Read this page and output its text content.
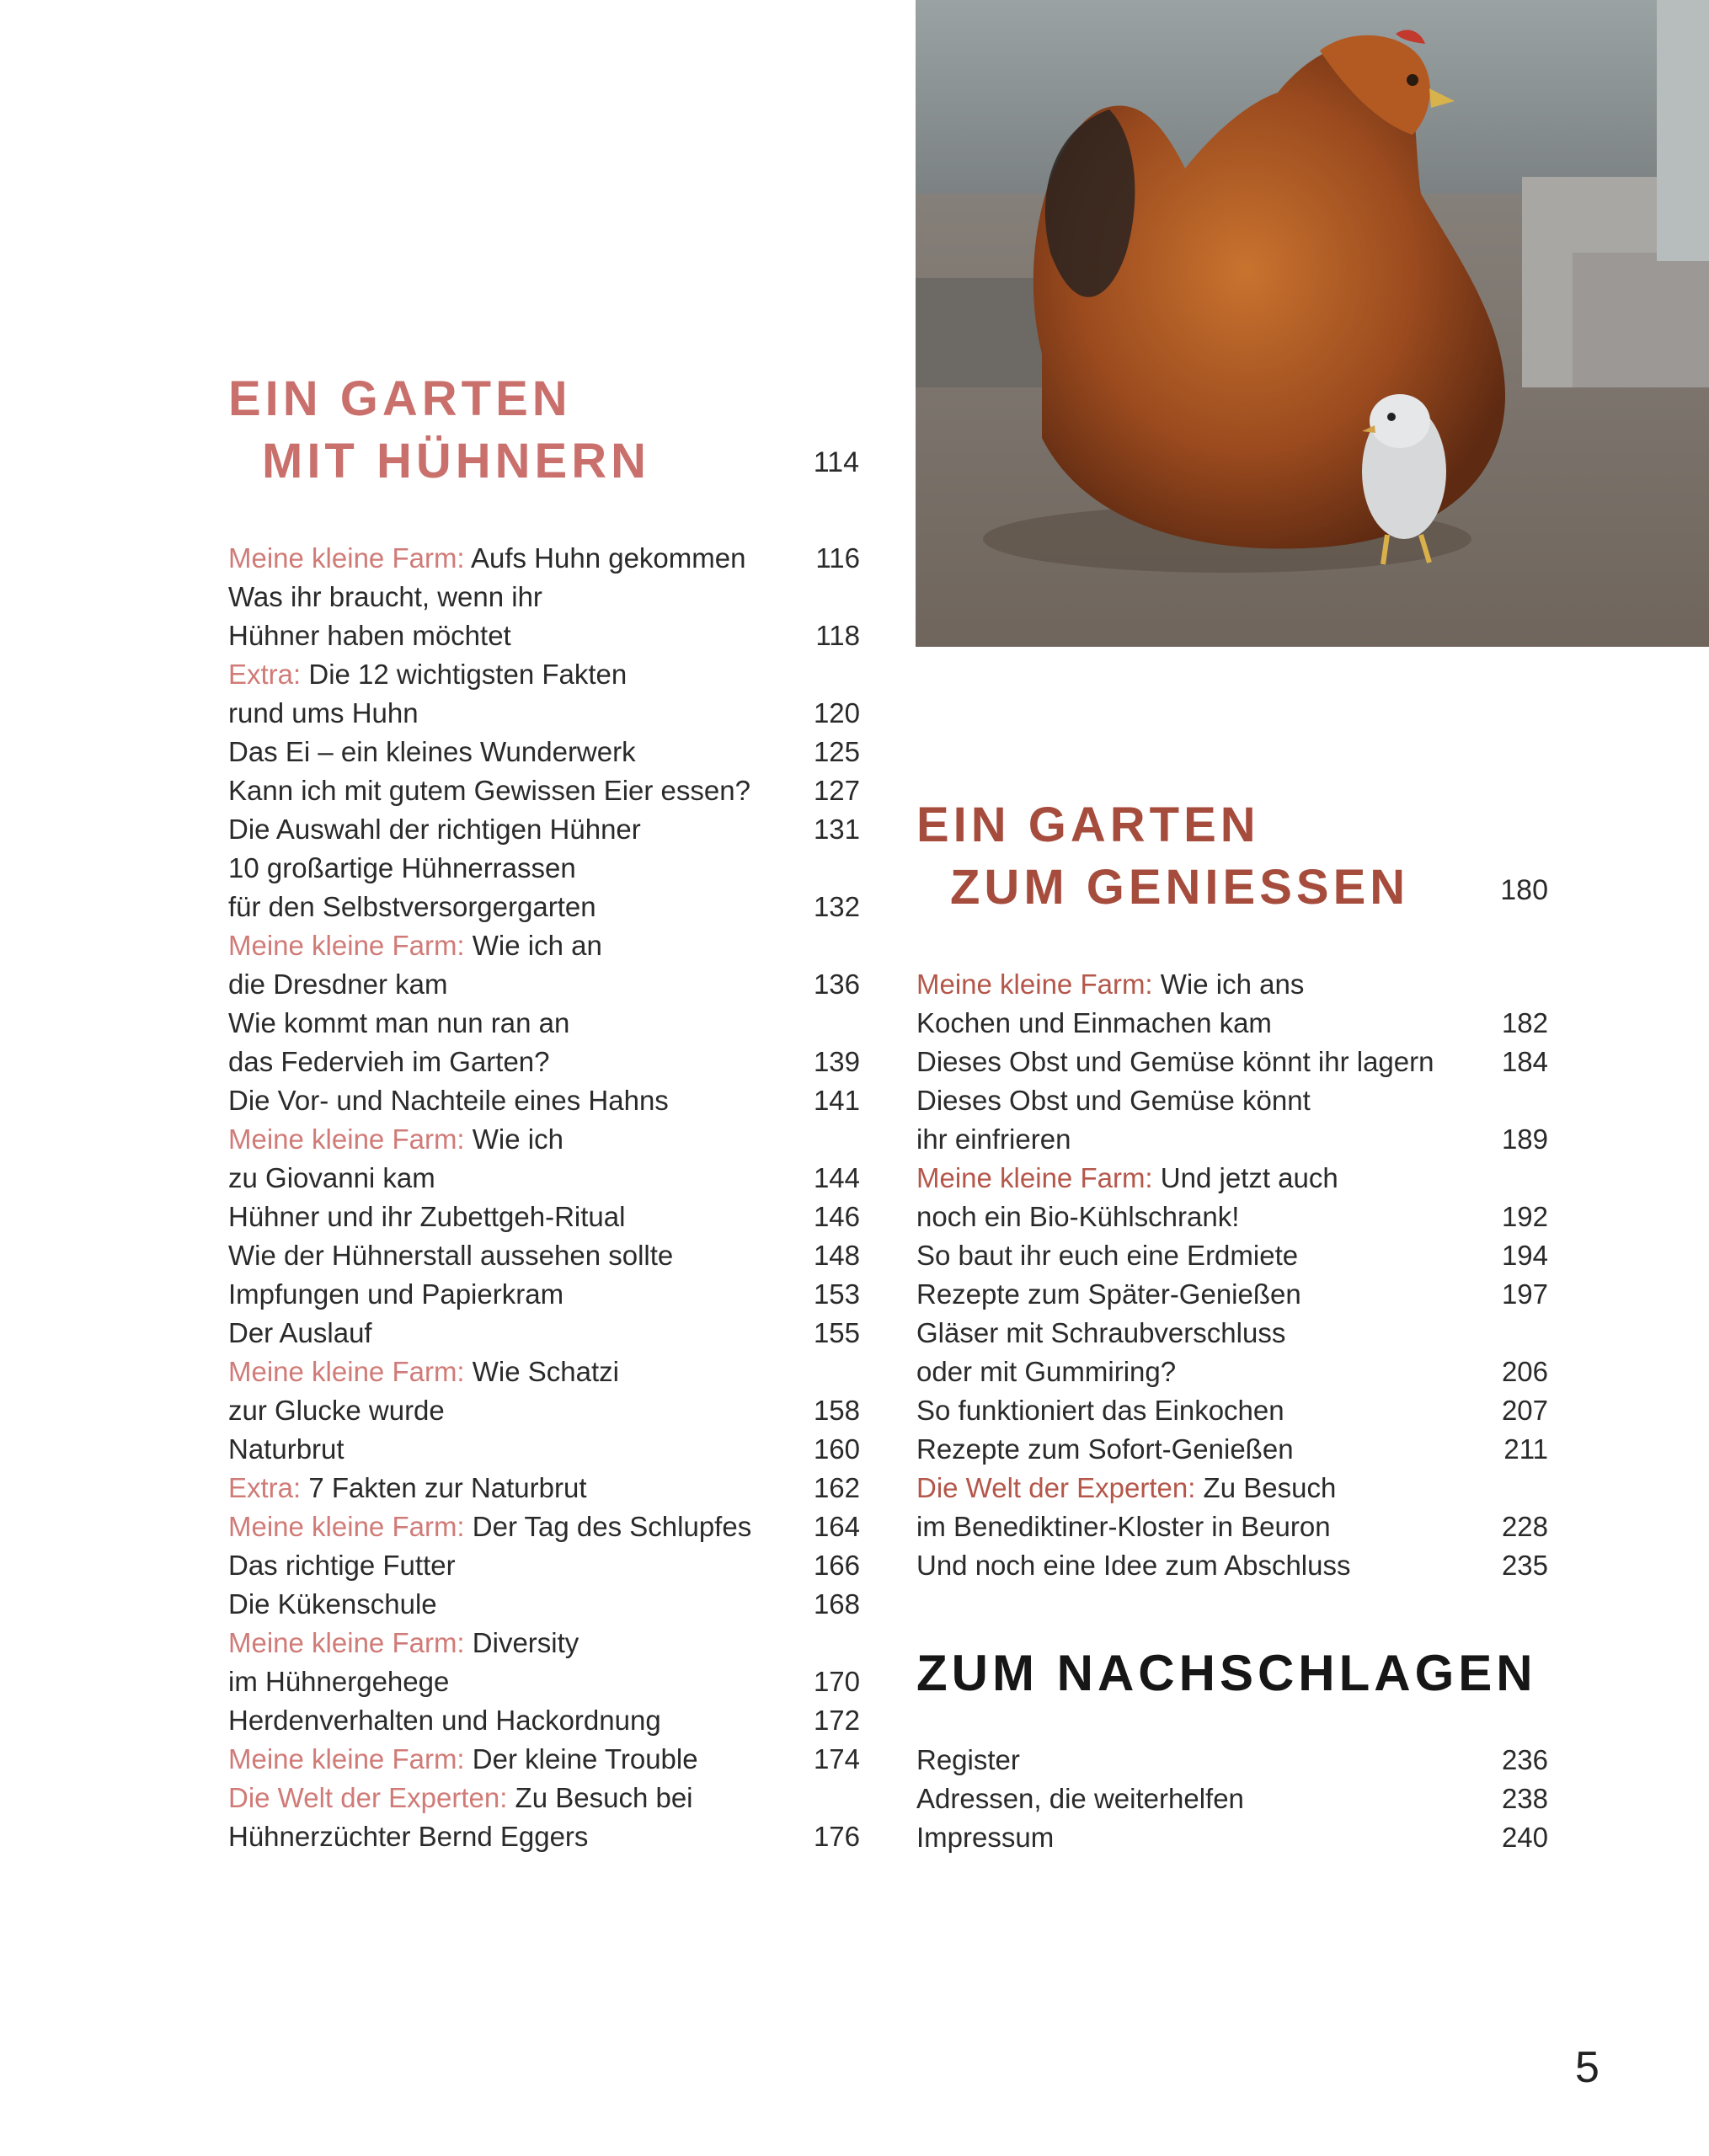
EIN GARTEN
MIT HÜHNERN	114
Meine kleine Farm: Aufs Huhn gekommen	116
Was ihr braucht, wenn ihr
Hühner haben möchtet	118
Extra: Die 12 wichtigsten Fakten
rund ums Huhn	120
Das Ei – ein kleines Wunderwerk	125
Kann ich mit gutem Gewissen Eier essen?	127
Die Auswahl der richtigen Hühner	131
10 großartige Hühnerrassen
für den Selbstversorgergarten	132
Meine kleine Farm: Wie ich an
die Dresdner kam	136
Wie kommt man nun ran an
das Federvieh im Garten?	139
Die Vor- und Nachteile eines Hahns	141
Meine kleine Farm: Wie ich
zu Giovanni kam	144
Hühner und ihr Zubettgeh-Ritual	146
Wie der Hühnerstall aussehen sollte	148
Impfungen und Papierkram	153
Der Auslauf	155
Meine kleine Farm: Wie Schatzi
zur Glucke wurde	158
Naturbrut	160
Extra: 7 Fakten zur Naturbrut	162
Meine kleine Farm: Der Tag des Schlupfes	164
Das richtige Futter	166
Die Kükenschule	168
Meine kleine Farm: Diversity
im Hühnergehege	170
Herdenverhalten und Hackordnung	172
Meine kleine Farm: Der kleine Trouble	174
Die Welt der Experten: Zu Besuch bei
Hühnerzüchter Bernd Eggers	176
EIN GARTEN
ZUM GENIESSEN	180
Meine kleine Farm: Wie ich ans
Kochen und Einmachen kam	182
Dieses Obst und Gemüse könnt ihr lagern	184
Dieses Obst und Gemüse könnt
ihr einfrieren	189
Meine kleine Farm: Und jetzt auch
noch ein Bio-Kühlschrank!	192
So baut ihr euch eine Erdmiete	194
Rezepte zum Später-Genießen	197
Gläser mit Schraubverschluss
oder mit Gummiring?	206
So funktioniert das Einkochen	207
Rezepte zum Sofort-Genießen	211
Die Welt der Experten: Zu Besuch
im Benediktiner-Kloster in Beuron	228
Und noch eine Idee zum Abschluss	235
ZUM NACHSCHLAGEN
Register	236
Adressen, die weiterhelfen	238
Impressum	240
5
